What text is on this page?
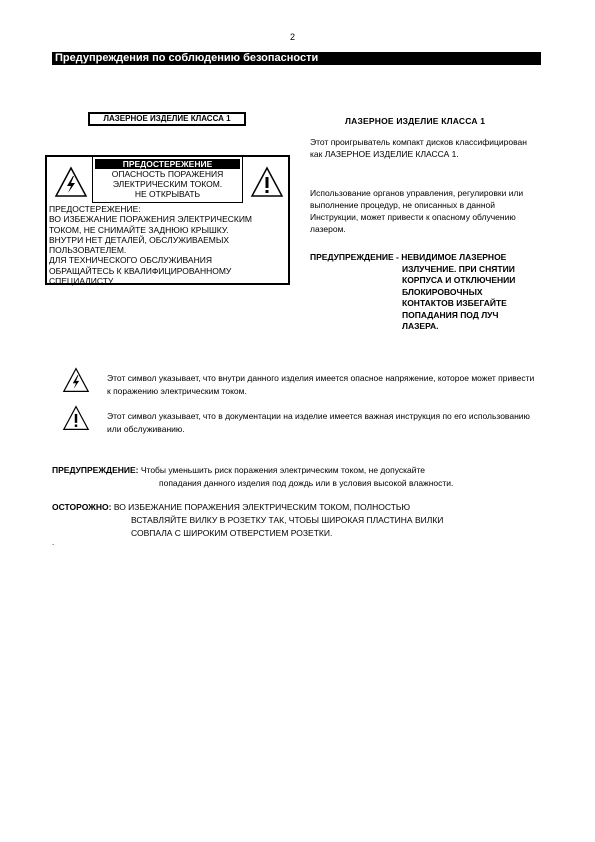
2
Предупреждения по соблюдению безопасности
ЛАЗЕРНОЕ ИЗДЕЛИЕ КЛАССА 1
ПРЕДОСТЕРЕЖЕНИЕ
ОПАСНОСТЬ ПОРАЖЕНИЯ
ЭЛЕКТРИЧЕСКИМ ТОКОМ.
НЕ ОТКРЫВАТЬ
ПРЕДОСТЕРЕЖЕНИЕ:
ВО ИЗБЕЖАНИЕ ПОРАЖЕНИЯ ЭЛЕКТРИЧЕСКИМ
ТОКОМ, НЕ СНИМАЙТЕ ЗАДНЮЮ КРЫШКУ.
ВНУТРИ НЕТ ДЕТАЛЕЙ, ОБСЛУЖИВАЕМЫХ
ПОЛЬЗОВАТЕЛЕМ.
ДЛЯ ТЕХНИЧЕСКОГО ОБСЛУЖИВАНИЯ
ОБРАЩАЙТЕСЬ К КВАЛИФИЦИРОВАННОМУ
СПЕЦИАЛИСТУ.
ЛАЗЕРНОЕ ИЗДЕЛИЕ КЛАССА 1
Этот проигрыватель компакт дисков классифицирован как ЛАЗЕРНОЕ ИЗДЕЛИЕ КЛАССА 1.
Использование органов управления, регулировки или выполнение процедур, не описанных в данной Инструкции, может привести к опасному облучению лазером.
ПРЕДУПРЕЖДЕНИЕ - НЕВИДИМОЕ ЛАЗЕРНОЕ
ИЗЛУЧЕНИЕ. ПРИ СНЯТИИ
КОРПУСА И ОТКЛЮЧЕНИИ
БЛОКИРОВОЧНЫХ
КОНТАКТОВ ИЗБЕГАЙТЕ
ПОПАДАНИЯ ПОД ЛУЧ
ЛАЗЕРА.
Этот символ указывает, что внутри данного изделия имеется опасное напряжение, которое может привести к поражению электрическим током.
Этот символ указывает, что в документации на изделие имеется важная инструкция по его использованию или обслуживанию.
ПРЕДУПРЕЖДЕНИЕ: Чтобы уменьшить риск поражения электрическим током, не допускайте
попадания данного изделия под дождь или в условия высокой влажности.
ОСТОРОЖНО: ВО ИЗБЕЖАНИЕ ПОРАЖЕНИЯ ЭЛЕКТРИЧЕСКИМ ТОКОМ, ПОЛНОСТЬЮ
ВСТАВЛЯЙТЕ ВИЛКУ В РОЗЕТКУ ТАК, ЧТОБЫ ШИРОКАЯ ПЛАСТИНА ВИЛКИ
СОВПАЛА С ШИРОКИМ ОТВЕРСТИЕМ РОЗЕТКИ.
.
